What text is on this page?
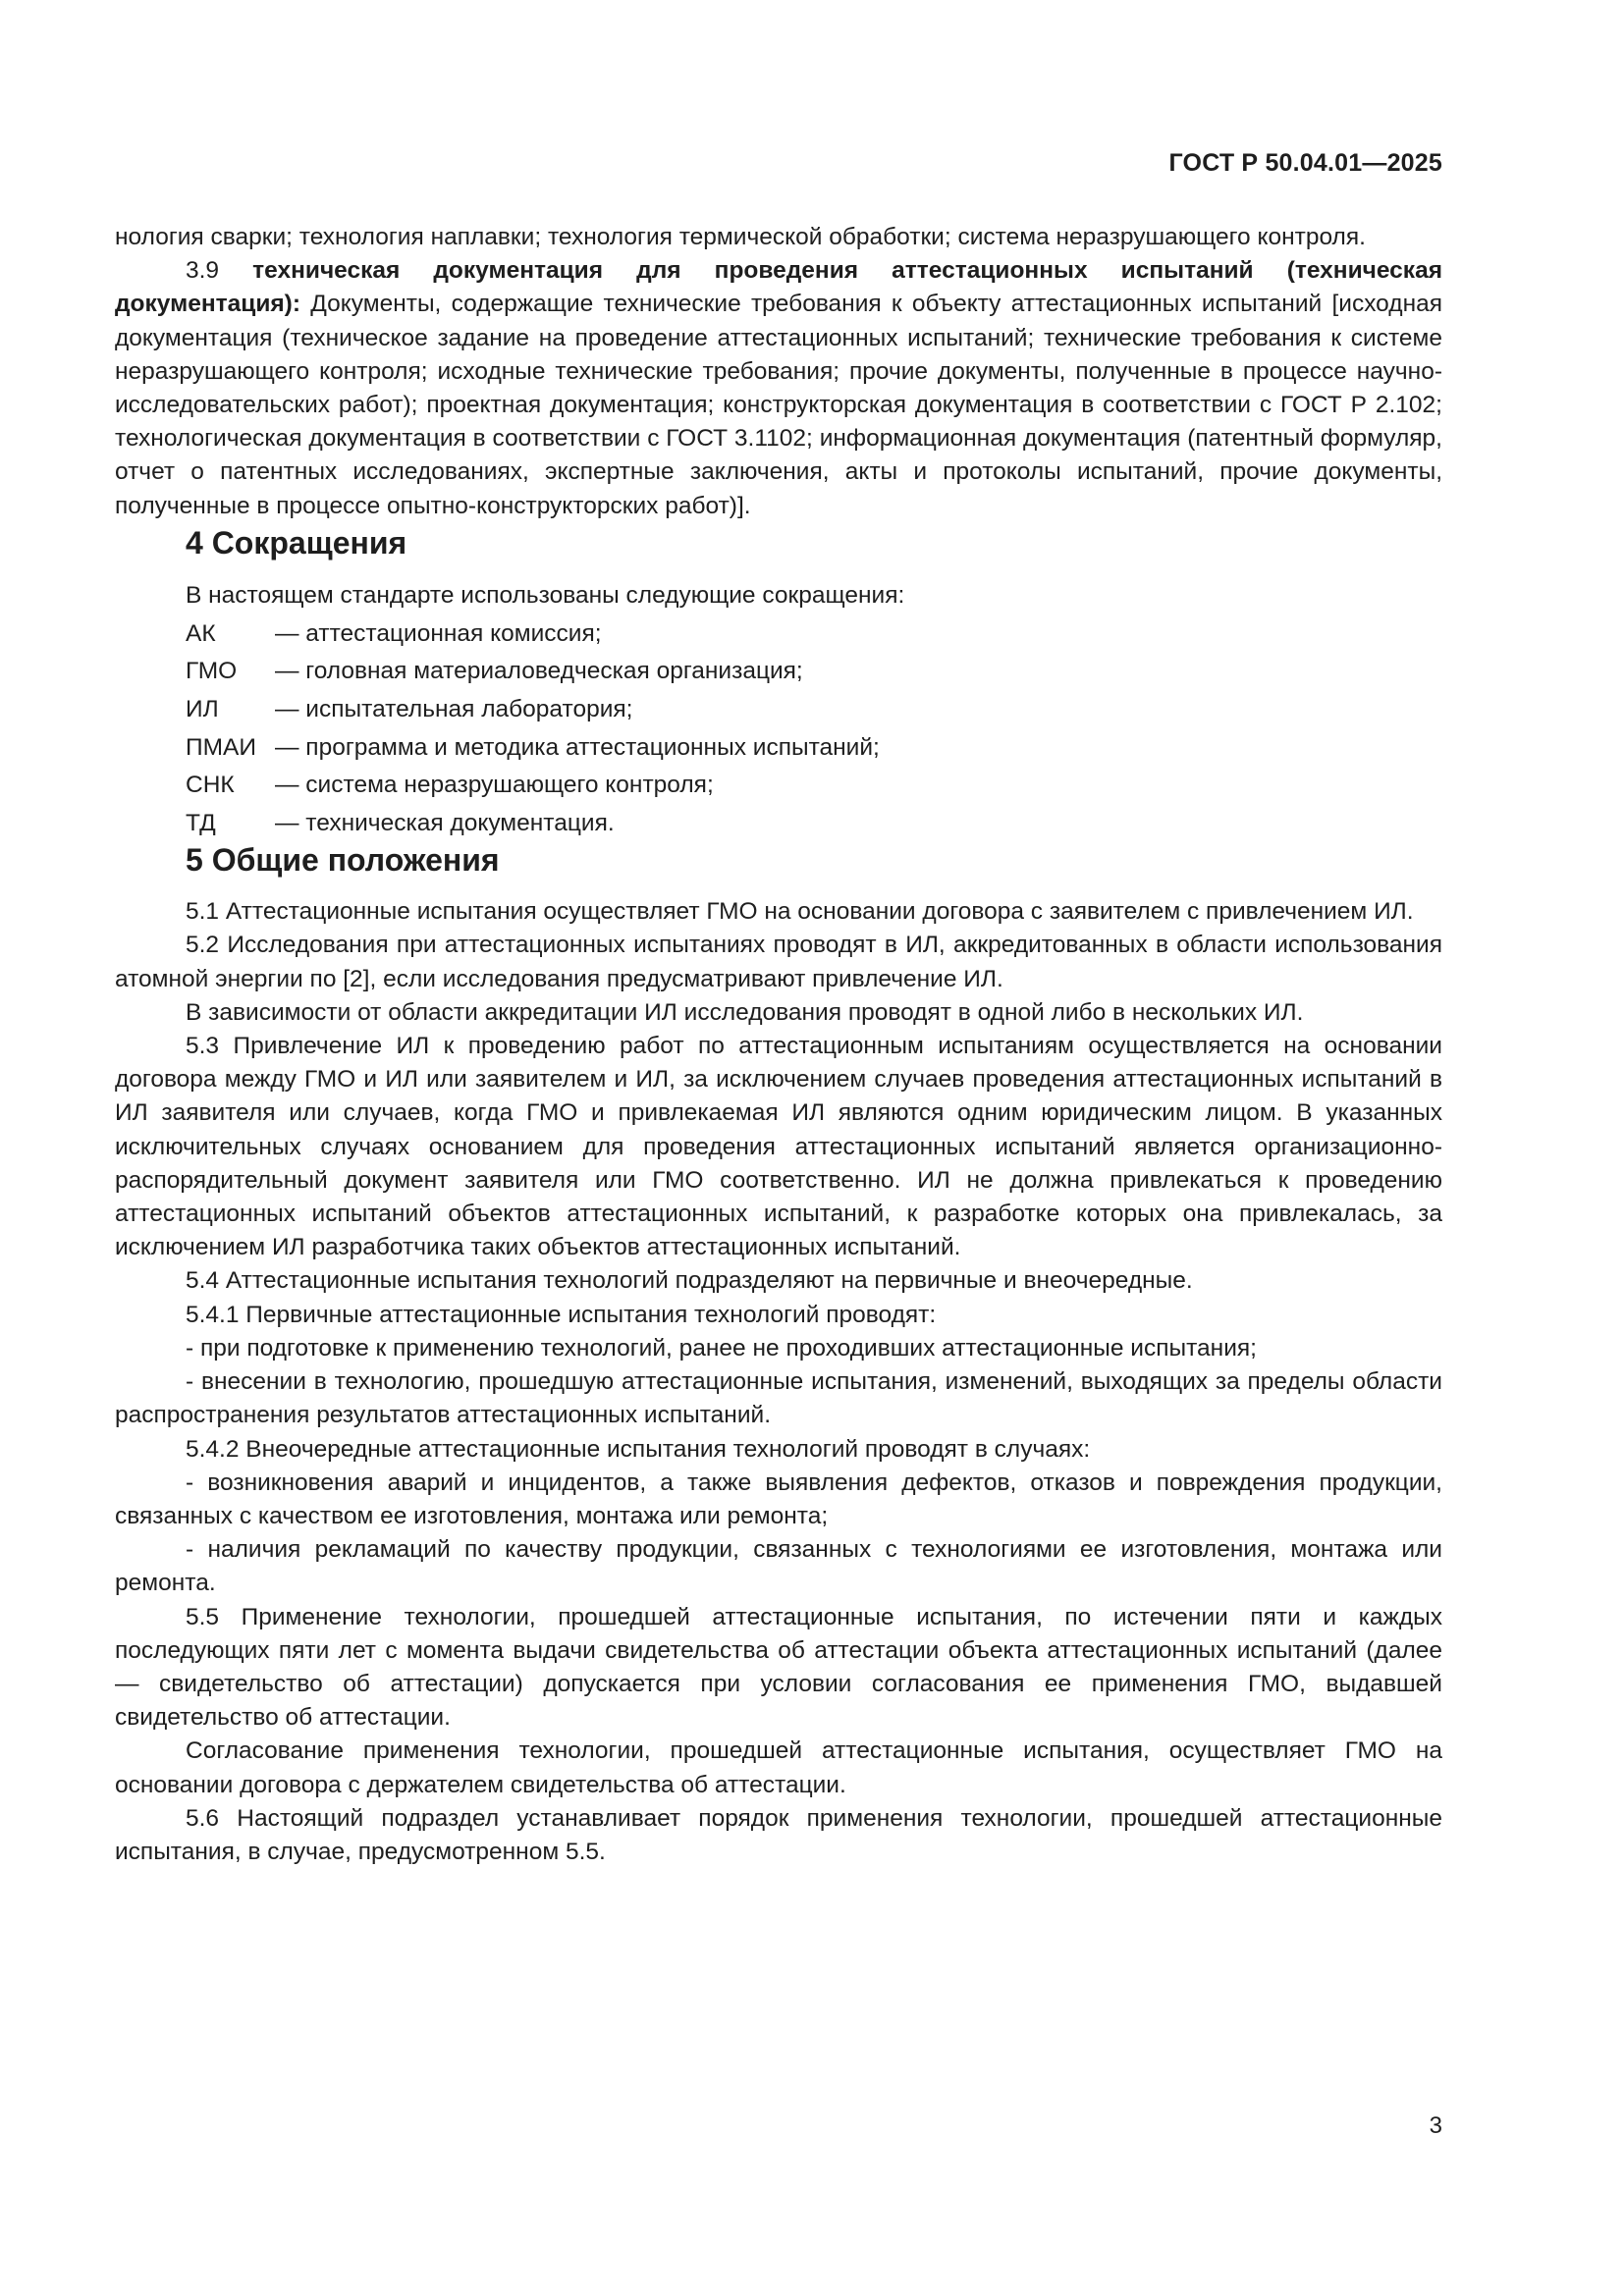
ГОСТ Р 50.04.01—2025

нология сварки; технология наплавки; технология термической обработки; система неразрушающего контроля.

3.9 техническая документация для проведения аттестационных испытаний (техническая документация): Документы, содержащие технические требования к объекту аттестационных испытаний [исходная документация (техническое задание на проведение аттестационных испытаний; технические требования к системе неразрушающего контроля; исходные технические требования; прочие документы, полученные в процессе научно-исследовательских работ); проектная документация; конструкторская документация в соответствии с ГОСТ Р 2.102; технологическая документация в соответствии с ГОСТ 3.1102; информационная документация (патентный формуляр, отчет о патентных исследованиях, экспертные заключения, акты и протоколы испытаний, прочие документы, полученные в процессе опытно-конструкторских работ)].

4 Сокращения

В настоящем стандарте использованы следующие сокращения:

АК	— аттестационная комиссия;
ГМО	— головная материаловедческая организация;
ИЛ	— испытательная лаборатория;
ПМАИ — программа и методика аттестационных испытаний;
СНК	— система неразрушающего контроля;
ТД	— техническая документация.
5 Общие положения

5.1 Аттестационные испытания осуществляет ГМО на основании договора с заявителем с привлечением ИЛ.

5.2 Исследования при аттестационных испытаниях проводят в ИЛ, аккредитованных в области использования атомной энергии по [2], если исследования предусматривают привлечение ИЛ.

В зависимости от области аккредитации ИЛ исследования проводят в одной либо в нескольких ИЛ.

5.3 Привлечение ИЛ к проведению работ по аттестационным испытаниям осуществляется на основании договора между ГМО и ИЛ или заявителем и ИЛ, за исключением случаев проведения аттестационных испытаний в ИЛ заявителя или случаев, когда ГМО и привлекаемая ИЛ являются одним юридическим лицом. В указанных исключительных случаях основанием для проведения аттестационных испытаний является организационно-распорядительный документ заявителя или ГМО соответственно. ИЛ не должна привлекаться к проведению аттестационных испытаний объектов аттестационных испытаний, к разработке которых она привлекалась, за исключением ИЛ разработчика таких объектов аттестационных испытаний.

5.4 Аттестационные испытания технологий подразделяют на первичные и внеочередные.

5.4.1 Первичные аттестационные испытания технологий проводят:

- при подготовке к применению технологий, ранее не проходивших аттестационные испытания;

- внесении в технологию, прошедшую аттестационные испытания, изменений, выходящих за пределы области распространения результатов аттестационных испытаний.

5.4.2 Внеочередные аттестационные испытания технологий проводят в случаях:

- возникновения аварий и инцидентов, а также выявления дефектов, отказов и повреждения продукции, связанных с качеством ее изготовления, монтажа или ремонта;

- наличия рекламаций по качеству продукции, связанных с технологиями ее изготовления, монтажа или ремонта.

5.5 Применение технологии, прошедшей аттестационные испытания, по истечении пяти и каждых последующих пяти лет с момента выдачи свидетельства об аттестации объекта аттестационных испытаний (далее — свидетельство об аттестации) допускается при условии согласования ее применения ГМО, выдавшей свидетельство об аттестации.

Согласование применения технологии, прошедшей аттестационные испытания, осуществляет ГМО на основании договора с держателем свидетельства об аттестации.

5.6 Настоящий подраздел устанавливает порядок применения технологии, прошедшей аттестационные испытания, в случае, предусмотренном 5.5.

3
